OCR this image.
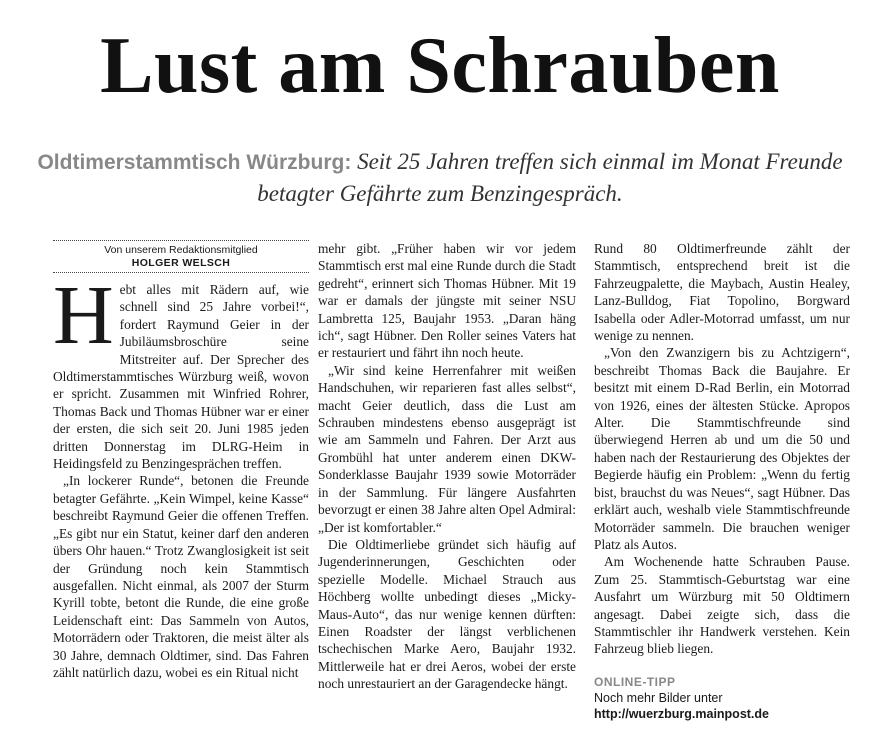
Lust am Schrauben
Oldtimerstammtisch Würzburg: Seit 25 Jahren treffen sich einmal im Monat Freunde betagter Gefährte zum Benzingespräch.
Von unserem Redaktionsmitglied
HOLGER WELSCH

Hebt alles mit Rädern auf, wie schnell sind 25 Jahre vorbei!“, fordert Raymund Geier in der Jubiläumsbroschüre seine Mitstreiter auf. Der Sprecher des Oldtimerstammtisches Würzburg weiß, wovon er spricht. Zusammen mit Winfried Rohrer, Thomas Back und Thomas Hübner war er einer der ersten, die sich seit 20. Juni 1985 jeden dritten Donnerstag im DLRG-Heim in Heidingsfeld zu Benzingesprächen treffen.

„In lockerer Runde“, betonen die Freunde betagter Gefährte. „Kein Wimpel, keine Kasse“ beschreibt Raymund Geier die offenen Treffen. „Es gibt nur ein Statut, keiner darf den anderen übers Ohr hauen.“ Trotz Zwanglosigkeit ist seit der Gründung noch kein Stammtisch ausgefallen. Nicht einmal, als 2007 der Sturm Kyrill tobte, betont die Runde, die eine große Leidenschaft eint: Das Sammeln von Autos, Motorrädern oder Traktoren, die meist älter als 30 Jahre, demnach Oldtimer, sind. Das Fahren zählt natürlich dazu, wobei es ein Ritual nicht

mehr gibt. „Früher haben wir vor jedem Stammtisch erst mal eine Runde durch die Stadt gedreht“, erinnert sich Thomas Hübner. Mit 19 war er damals der jüngste mit seiner NSU Lambretta 125, Baujahr 1953. „Daran häng ich“, sagt Hübner. Den Roller seines Vaters hat er restauriert und fährt ihn noch heute.

„Wir sind keine Herrenfahrer mit weißen Handschuhen, wir reparieren fast alles selbst“, macht Geier deutlich, dass die Lust am Schrauben mindestens ebenso ausgeprägt ist wie am Sammeln und Fahren. Der Arzt aus Grombühl hat unter anderem einen DKW-Sonderklasse Baujahr 1939 sowie Motorräder in der Sammlung. Für längere Ausfahrten bevorzugt er einen 38 Jahre alten Opel Admiral: „Der ist komfortabler.“

Die Oldtimerliebe gründet sich häufig auf Jugenderinnerungen, Geschichten oder spezielle Modelle. Michael Strauch aus Höchberg wollte unbedingt dieses „Micky-Maus-Auto“, das nur wenige kennen dürften: Einen Roadster der längst verblichenen tschechischen Marke Aero, Baujahr 1932. Mittlerweile hat er drei Aeros, wobei der erste noch unrestauriert an der Garagendecke hängt.

Rund 80 Oldtimerfreunde zählt der Stammtisch, entsprechend breit ist die Fahrzeugpalette, die Maybach, Austin Healey, Lanz-Bulldog, Fiat Topolino, Borgward Isabella oder Adler-Motorrad umfasst, um nur wenige zu nennen.

„Von den Zwanzigern bis zu Achtzigern“, beschreibt Thomas Back die Baujahre. Er besitzt mit einem D-Rad Berlin, ein Motorrad von 1926, eines der ältesten Stücke. Apropos Alter. Die Stammtischfreunde sind überwiegend Herren ab und um die 50 und haben nach der Restaurierung des Objektes der Begierde häufig ein Problem: „Wenn du fertig bist, brauchst du was Neues“, sagt Hübner. Das erklärt auch, weshalb viele Stammtischfreunde Motorräder sammeln. Die brauchen weniger Platz als Autos.

Am Wochenende hatte Schrauben Pause. Zum 25. Stammtisch-Geburtstag war eine Ausfahrt um Würzburg mit 50 Oldtimern angesagt. Dabei zeigte sich, dass die Stammtischler ihr Handwerk verstehen. Kein Fahrzeug blieb liegen.

ONLINE-TIPP
Noch mehr Bilder unter
http://wuerzburg.mainpost.de
